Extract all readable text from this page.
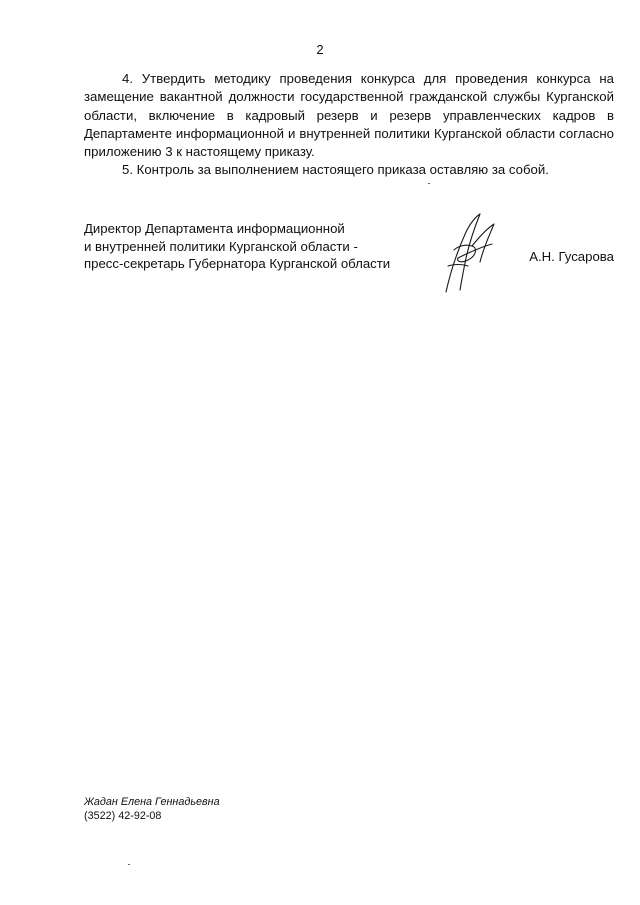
2

4. Утвердить методику проведения конкурса для проведения конкурса на замещение вакантной должности государственной гражданской службы Курганской области, включение в кадровый резерв и резерв управленческих кадров в Департаменте информационной и внутренней политики Курганской области согласно приложению 3 к настоящему приказу.

5. Контроль за выполнением настоящего приказа оставляю за собой.

Директор Департамента информационной
и внутренней политики Курганской области -
пресс-секретарь Губернатора Курганской области	А.Н. Гусарова
Жадан Елена Геннадьевна
(3522) 42-92-08
